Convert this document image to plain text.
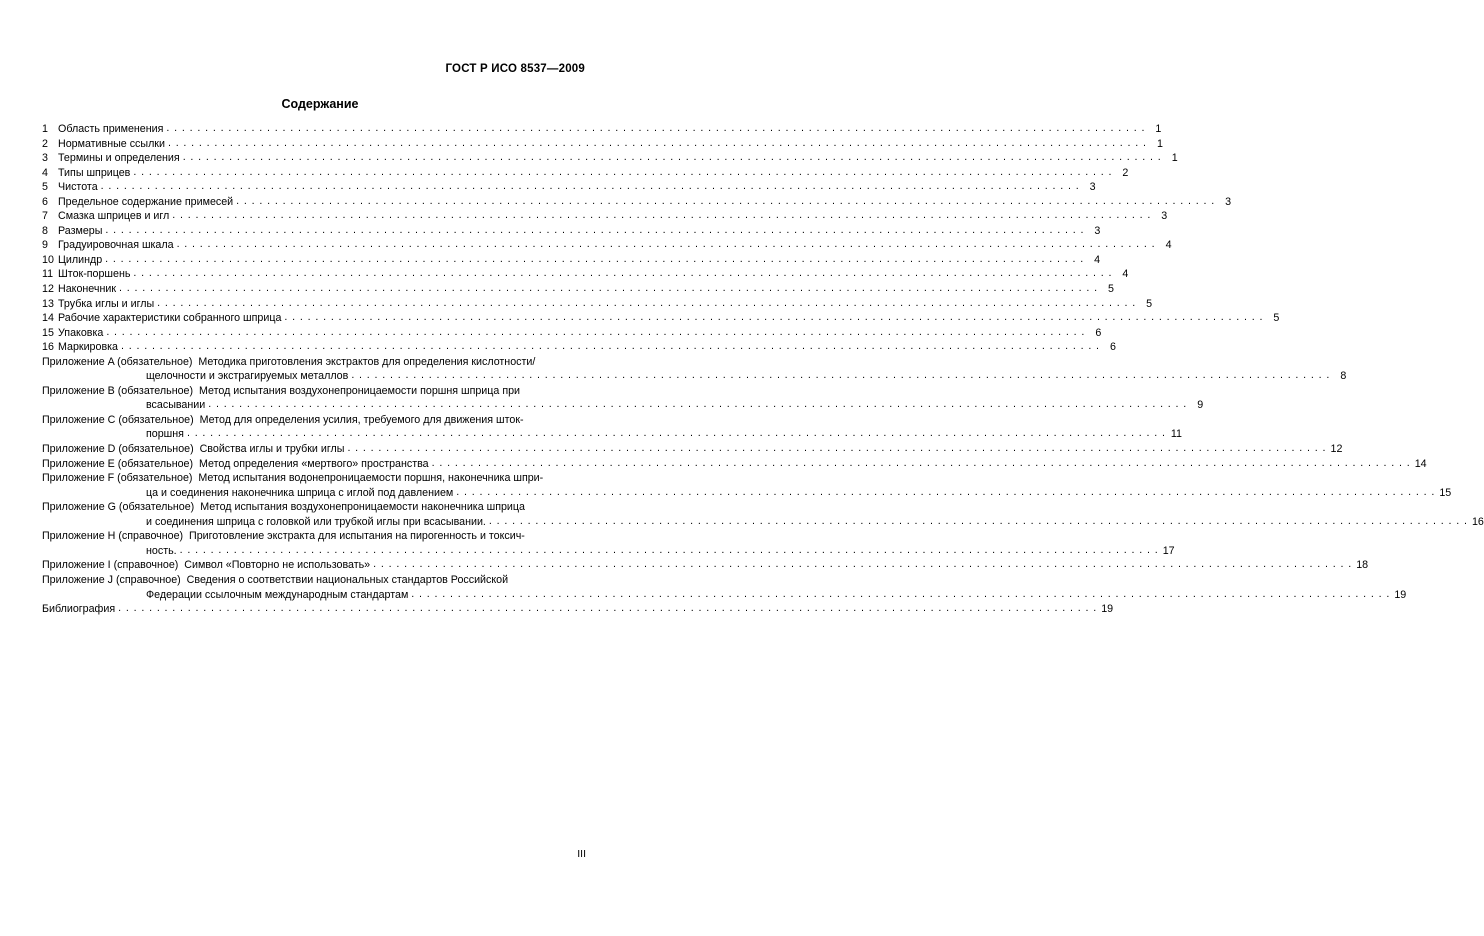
ГОСТ Р ИСО 8537—2009
Содержание
1 Область применения . . .	1
2 Нормативные ссылки . . .	1
3 Термины и определения . . .	1
4 Типы шприцев . . .	2
5 Чистота . . .	3
6 Предельное содержание примесей . . .	3
7 Смазка шприцев и игл . . .	3
8 Размеры . . .	3
9 Градуировочная шкала . . .	4
10 Цилиндр . . .	4
11 Шток-поршень . . .	4
12 Наконечник . . .	5
13 Трубка иглы и иглы . . .	5
14 Рабочие характеристики собранного шприца . . .	5
15 Упаковка . . .	6
16 Маркировка . . .	6
Приложение A (обязательное) Методика приготовления экстрактов для определения кислотности/
щелочности и экстрагируемых металлов . . .	8
Приложение B (обязательное) Метод испытания воздухонепроницаемости поршня шприца при
всасывании . . .	9
Приложение C (обязательное) Метод для определения усилия, требуемого для движения шток-
поршня . . .	11
Приложение D (обязательное) Свойства иглы и трубки иглы . . .	12
Приложение E (обязательное) Метод определения «мертвого» пространства . . .	14
Приложение F (обязательное) Метод испытания водонепроницаемости поршня, наконечника шпри-
ца и соединения наконечника шприца с иглой под давлением . . .	15
Приложение G (обязательное) Метод испытания воздухонепроницаемости наконечника шприца
и соединения шприца с головкой или трубкой иглы при всасывании. . . .	16
Приложение H (справочное) Приготовление экстракта для испытания на пирогенность и токсич-
ность. . . .	17
Приложение I (справочное) Символ «Повторно не использовать» . . .	18
Приложение J (справочное) Сведения о соответствии национальных стандартов Российской
Федерации ссылочным международным стандартам . . .	19
Библиография . . .	19
III
